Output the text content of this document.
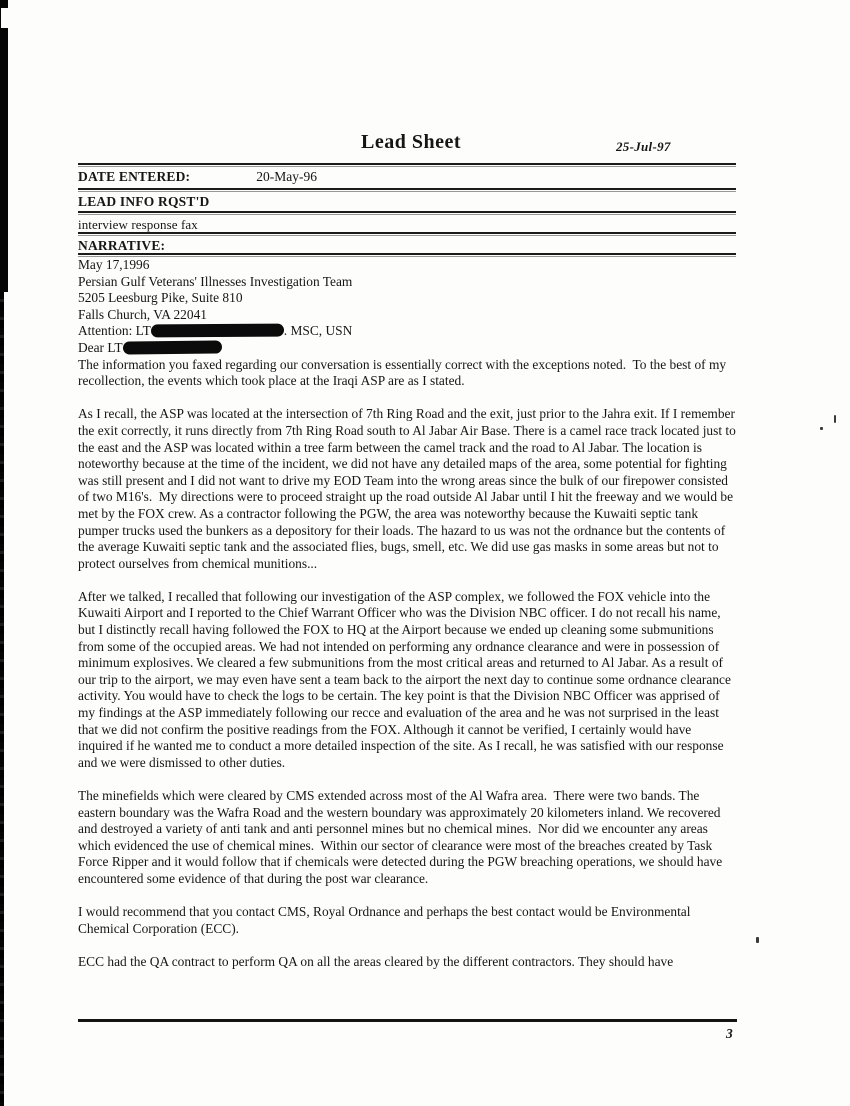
Lead Sheet	25-Jul-97
DATE ENTERED:	20-May-96
LEAD INFO RQST'D
interview response fax
NARRATIVE:
May 17,1996
Persian Gulf Veterans' Illnesses Investigation Team
5205 Leesburg Pike, Suite 810
Falls Church, VA 22041
Attention: LT	. MSC, USN
Dear LT

The information you faxed regarding our conversation is essentially correct with the exceptions noted.  To the best of my recollection, the events which took place at the Iraqi ASP are as I stated.

As I recall, the ASP was located at the intersection of 7th Ring Road and the exit, just prior to the Jahra exit. If I remember the exit correctly, it runs directly from 7th Ring Road south to Al Jabar Air Base. There is a camel race track located just to the east and the ASP was located within a tree farm between the camel track and the road to Al Jabar. The location is noteworthy because at the time of the incident, we did not have any detailed maps of the area, some potential for fighting was still present and I did not want to drive my EOD Team into the wrong areas since the bulk of our firepower consisted of two M16's.  My directions were to proceed straight up the road outside Al Jabar until I hit the freeway and we would be met by the FOX crew. As a contractor following the PGW, the area was noteworthy because the Kuwaiti septic tank pumper trucks used the bunkers as a depository for their loads. The hazard to us was not the ordnance but the contents of the average Kuwaiti septic tank and the associated flies, bugs, smell, etc. We did use gas masks in some areas but not to protect ourselves from chemical munitions...

After we talked, I recalled that following our investigation of the ASP complex, we followed the FOX vehicle into the Kuwaiti Airport and I reported to the Chief Warrant Officer who was the Division NBC officer. I do not recall his name, but I distinctly recall having followed the FOX to HQ at the Airport because we ended up cleaning some submunitions from some of the occupied areas. We had not intended on performing any ordnance clearance and were in possession of minimum explosives. We cleared a few submunitions from the most critical areas and returned to Al Jabar. As a result of our trip to the airport, we may even have sent a team back to the airport the next day to continue some ordnance clearance activity. You would have to check the logs to be certain. The key point is that the Division NBC Officer was apprised of my findings at the ASP immediately following our recce and evaluation of the area and he was not surprised in the least that we did not confirm the positive readings from the FOX. Although it cannot be verified, I certainly would have inquired if he wanted me to conduct a more detailed inspection of the site. As I recall, he was satisfied with our response and we were dismissed to other duties.

The minefields which were cleared by CMS extended across most of the Al Wafra area.  There were two bands. The eastern boundary was the Wafra Road and the western boundary was approximately 20 kilometers inland. We recovered and destroyed a variety of anti tank and anti personnel mines but no chemical mines.  Nor did we encounter any areas which evidenced the use of chemical mines.  Within our sector of clearance were most of the breaches created by Task Force Ripper and it would follow that if chemicals were detected during the PGW breaching operations, we should have encountered some evidence of that during the post war clearance.

I would recommend that you contact CMS, Royal Ordnance and perhaps the best contact would be Environmental Chemical Corporation (ECC).

ECC had the QA contract to perform QA on all the areas cleared by the different contractors. They should have

3
